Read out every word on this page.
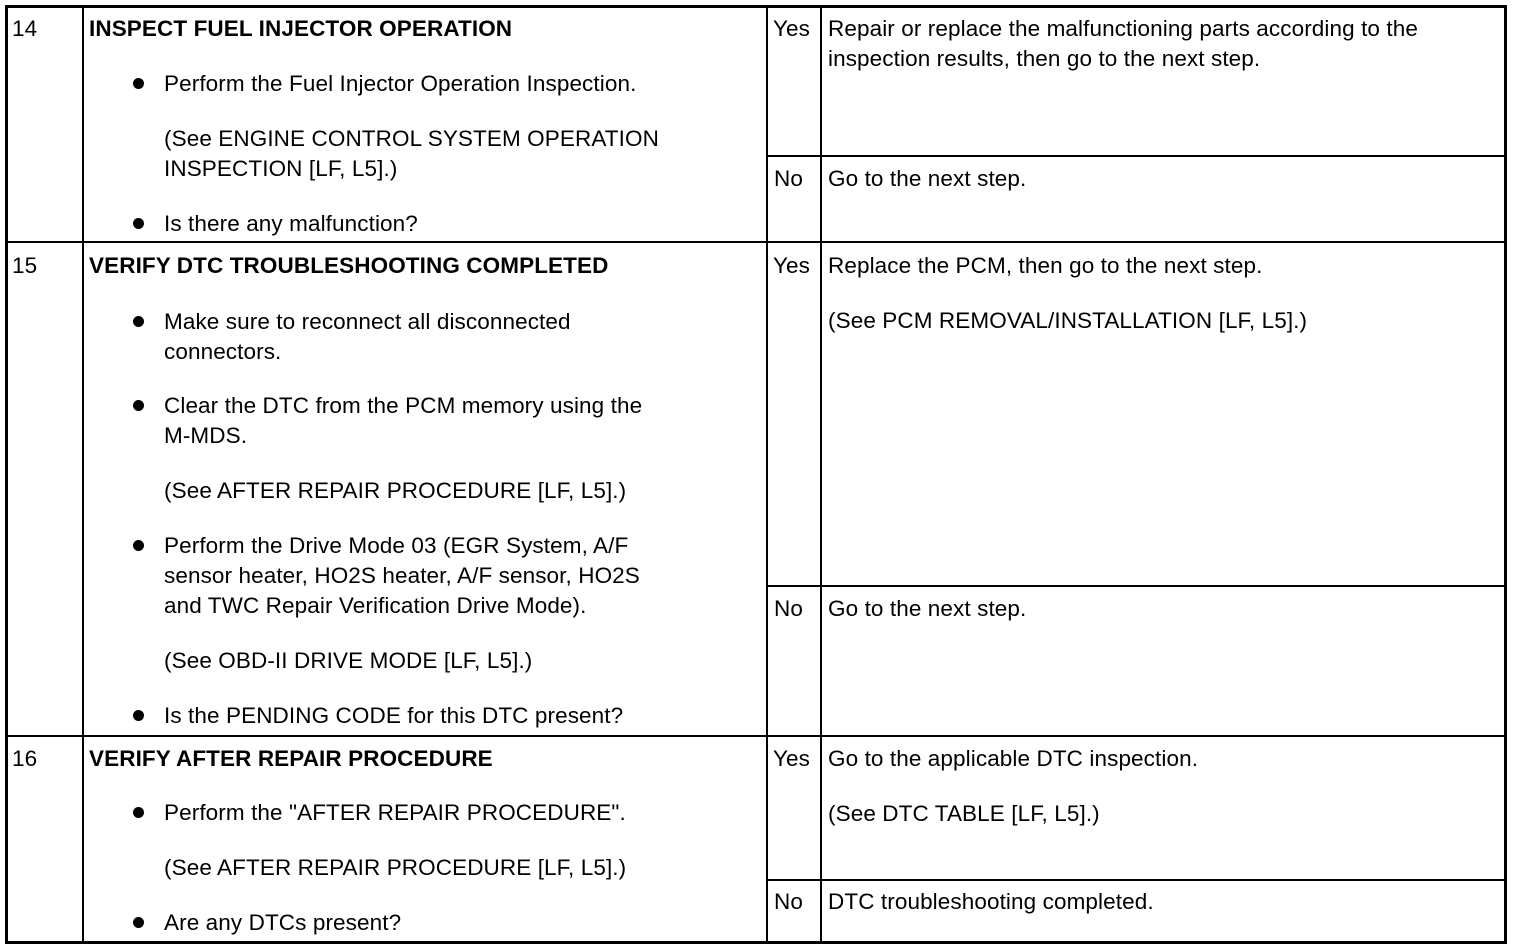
14 INSPECT FUEL INJECTOR OPERATION
Perform the Fuel Injector Operation Inspection.
(See ENGINE CONTROL SYSTEM OPERATION
INSPECTION [LF, L5].)
Is there any malfunction?
Yes Repair or replace the malfunctioning parts according to the
inspection results, then go to the next step.
No Go to the next step.
15 VERIFY DTC TROUBLESHOOTING COMPLETED
Make sure to reconnect all disconnected
connectors.
Clear the DTC from the PCM memory using the
M-MDS.
(See AFTER REPAIR PROCEDURE [LF, L5].)
Perform the Drive Mode 03 (EGR System, A/F
sensor heater, HO2S heater, A/F sensor, HO2S
and TWC Repair Verification Drive Mode).
(See OBD-II DRIVE MODE [LF, L5].)
Is the PENDING CODE for this DTC present?
Yes Replace the PCM, then go to the next step.
(See PCM REMOVAL/INSTALLATION [LF, L5].)
No Go to the next step.
16 VERIFY AFTER REPAIR PROCEDURE
Perform the "AFTER REPAIR PROCEDURE".
(See AFTER REPAIR PROCEDURE [LF, L5].)
Are any DTCs present?
Yes Go to the applicable DTC inspection.
(See DTC TABLE [LF, L5].)
No DTC troubleshooting completed.
